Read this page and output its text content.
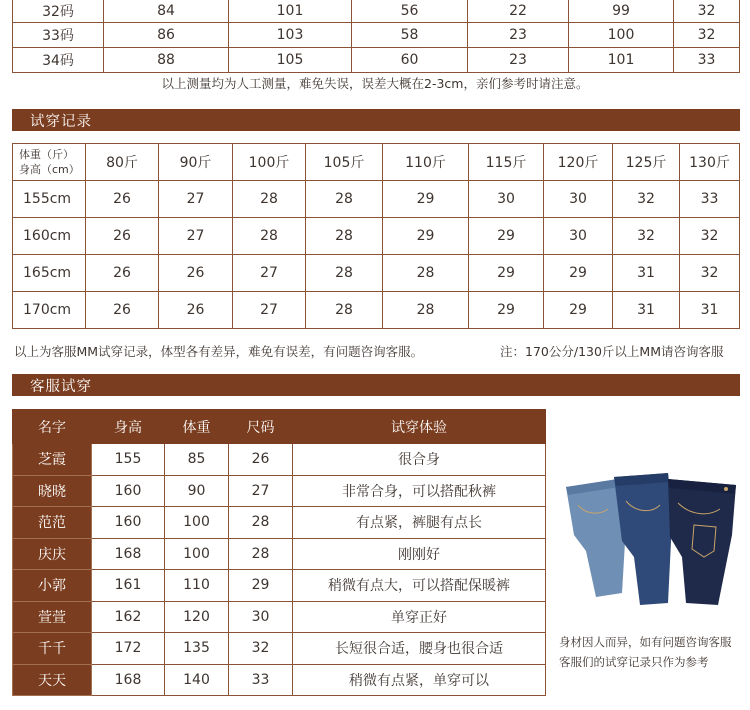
32码	84	101	56	22	99	32
33码	86	103	58	23	100	32
34码	88	105	60	23	101	33
以上测量均为人工测量，难免失误，误差大概在2-3cm，亲们参考时请注意。
试穿记录
体重（斤）
身高（cm）	80斤	90斤	100斤	105斤	110斤	115斤	120斤	125斤	130斤
155cm	26	27	28	28	29	30	30	32	33
160cm	26	27	28	28	29	29	30	32	32
165cm	26	26	27	28	28	29	29	31	32
170cm	26	26	27	28	28	29	29	31	31
以上为客服MM试穿记录，体型各有差异，难免有误差，有问题咨询客服。	注：170公分/130斤以上MM请咨询客服
客服试穿
名字	身高	体重	尺码	试穿体验
芝霞	155	85	26	很合身
晓晓	160	90	27	非常合身，可以搭配秋裤
范范	160	100	28	有点紧，裤腿有点长
庆庆	168	100	28	刚刚好
小郭	161	110	29	稍微有点大，可以搭配保暖裤
萱萱	162	120	30	单穿正好
千千	172	135	32	长短很合适，腰身也很合适
天天	168	140	33	稍微有点紧，单穿可以
身材因人而异，如有问题咨询客服
客服们的试穿记录只作为参考
